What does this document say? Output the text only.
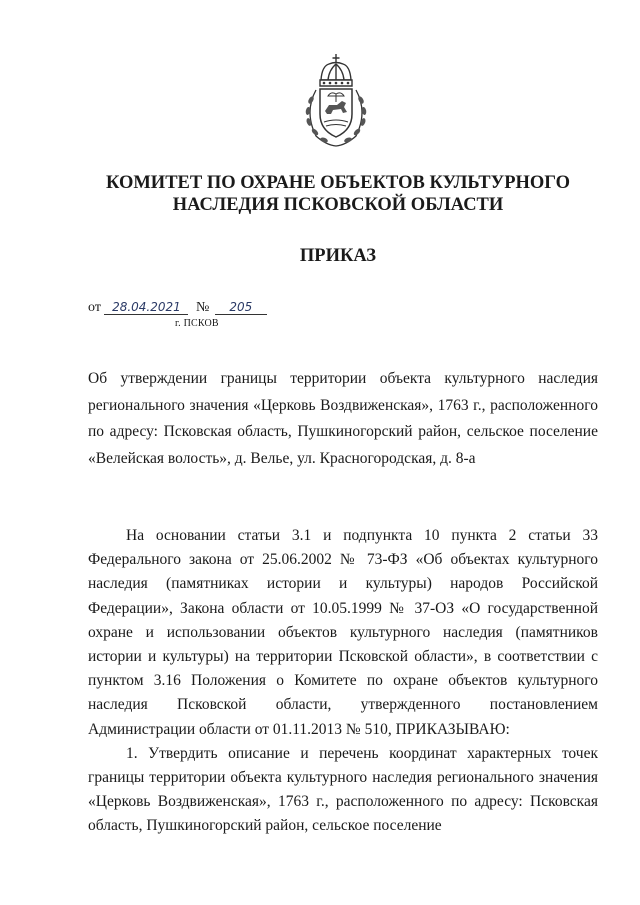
КОМИТЕТ ПО ОХРАНЕ ОБЪЕКТОВ КУЛЬТУРНОГО
НАСЛЕДИЯ ПСКОВСКОЙ ОБЛАСТИ
ПРИКАЗ
от 28.04.2021 № 205
г. ПСКОВ
Об утверждении границы территории объекта культурного наследия регионального значения «Церковь Воздвиженская», 1763 г., расположенного по адресу: Псковская область, Пушкиногорский район, сельское поселение «Велейская волость», д. Велье, ул. Красногородская, д. 8-а

На основании статьи 3.1 и подпункта 10 пункта 2 статьи 33 Федерального закона от 25.06.2002 № 73-ФЗ «Об объектах культурного наследия (памятниках истории и культуры) народов Российской Федерации», Закона области от 10.05.1999 № 37-ОЗ «О государственной охране и использовании объектов культурного наследия (памятников истории и культуры) на территории Псковской области», в соответствии с пунктом 3.16 Положения о Комитете по охране объектов культурного наследия Псковской области, утвержденного постановлением Администрации области от 01.11.2013 № 510, ПРИКАЗЫВАЮ:

1. Утвердить описание и перечень координат характерных точек границы территории объекта культурного наследия регионального значения «Церковь Воздвиженская», 1763 г., расположенного по адресу: Псковская область, Пушкиногорский район, сельское поселение
